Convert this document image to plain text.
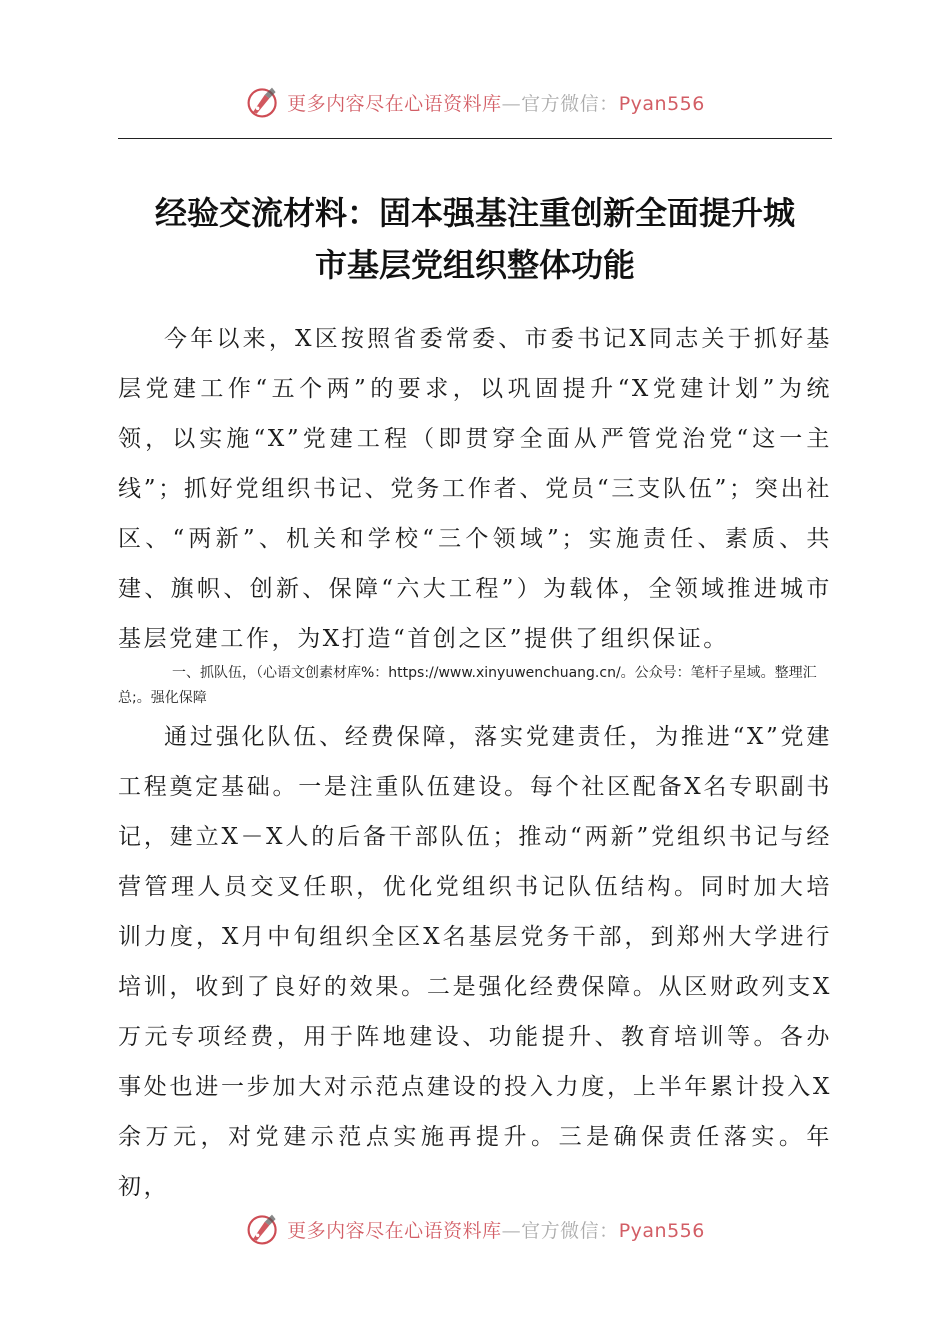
更多内容尽在心语资料库—官方微信：Pyan556
经验交流材料：固本强基注重创新全面提升城
市基层党组织整体功能

今年以来，X区按照省委常委、市委书记X同志关于抓好基层党建工作“五个两”的要求，以巩固提升“X党建计划”为统领，以实施“X”党建工程（即贯穿全面从严管党治党“这一主线”；抓好党组织书记、党务工作者、党员“三支队伍”；突出社区、“两新”、机关和学校“三个领域”；实施责任、素质、共建、旗帜、创新、保障“六大工程”）为载体，全领域推进城市基层党建工作，为X打造“首创之区”提供了组织保证。

一、抓队伍，（心语文创素材库%：https://www.xinyuwenchuang.cn/。公众号：笔杆子星域。整理汇总;。强化保障

通过强化队伍、经费保障，落实党建责任，为推进“X”党建工程奠定基础。一是注重队伍建设。每个社区配备X名专职副书记，建立X－X人的后备干部队伍；推动“两新”党组织书记与经营管理人员交叉任职，优化党组织书记队伍结构。同时加大培训力度，X月中旬组织全区X名基层党务干部，到郑州大学进行培训，收到了良好的效果。二是强化经费保障。从区财政列支X万元专项经费，用于阵地建设、功能提升、教育培训等。各办事处也进一步加大对示范点建设的投入力度，上半年累计投入X余万元，对党建示范点实施再提升。三是确保责任落实。年初，

更多内容尽在心语资料库—官方微信：Pyan556
